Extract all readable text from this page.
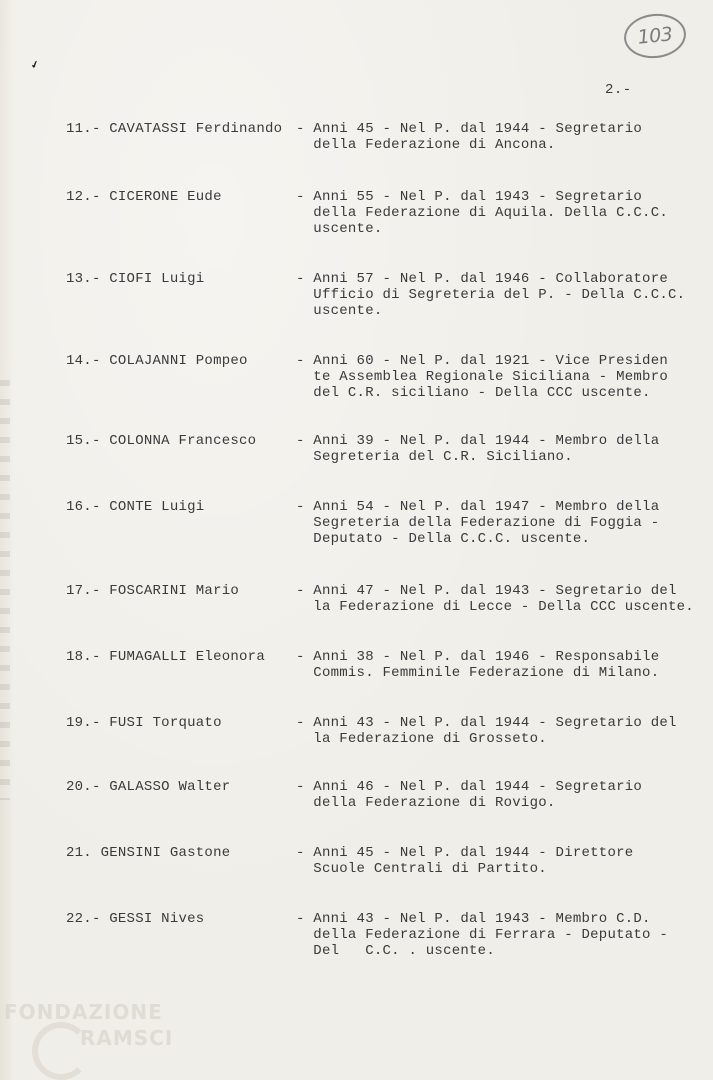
103
✔
2.-
11.- CAVATASSI Ferdinando - Anni 45 - Nel P. dal 1944 - Segretario
della Federazione di Ancona.
12.- CICERONE Eude	- Anni 55 - Nel P. dal 1943 - Segretario
della Federazione di Aquila. Della C.C.C.
uscente.
13.- CIOFI Luigi	- Anni 57 - Nel P. dal 1946 - Collaboratore
Ufficio di Segreteria del P. - Della C.C.C.
uscente.
14.- COLAJANNI Pompeo	- Anni 60 - Nel P. dal 1921 - Vice Presiden
te Assemblea Regionale Siciliana - Membro
del C.R. siciliano - Della CCC uscente.
15.- COLONNA Francesco	- Anni 39 - Nel P. dal 1944 - Membro della
Segreteria del C.R. Siciliano.
16.- CONTE Luigi	- Anni 54 - Nel P. dal 1947 - Membro della
Segreteria della Federazione di Foggia -
Deputato - Della C.C.C. uscente.
17.- FOSCARINI Mario	- Anni 47 - Nel P. dal 1943 - Segretario del
la Federazione di Lecce - Della CCC uscente.
18.- FUMAGALLI Eleonora - Anni 38 - Nel P. dal 1946 - Responsabile
Commis. Femminile Federazione di Milano.
19.- FUSI Torquato	- Anni 43 - Nel P. dal 1944 - Segretario del
la Federazione di Grosseto.
20.- GALASSO Walter	- Anni 46 - Nel P. dal 1944 - Segretario
della Federazione di Rovigo.
21. GENSINI Gastone	- Anni 45 - Nel P. dal 1944 - Direttore
Scuole Centrali di Partito.
22.- GESSI Nives	- Anni 43 - Nel P. dal 1943 - Membro C.D.
della Federazione di Ferrara - Deputato -
Del   C.C. . uscente.
FONDAZIONE
RAMSCI
